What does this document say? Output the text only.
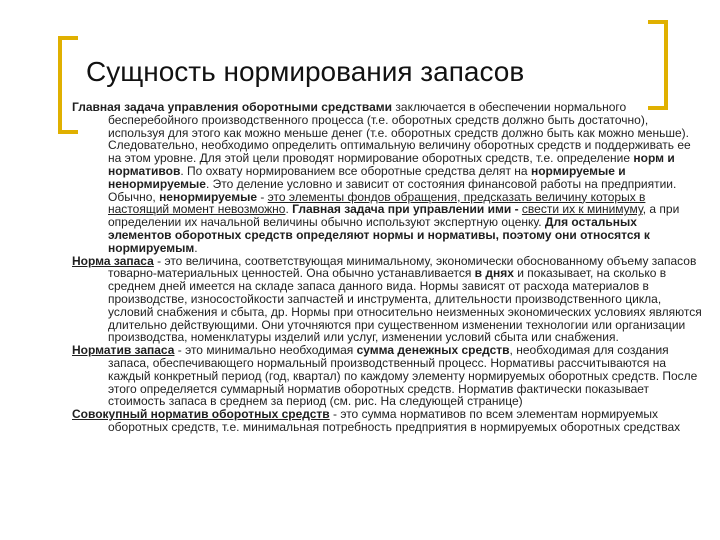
Сущность нормирования запасов

Главная задача управления оборотными средствами заключается в обеспечении нормального бесперебойного производственного процесса (т.е. оборотных средств должно быть достаточно), используя для этого как можно меньше денег (т.е. оборотных средств должно быть как можно меньше). Следовательно, необходимо определить оптимальную величину оборотных средств и поддерживать ее на этом уровне. Для этой цели проводят нормирование оборотных средств, т.е. определение норм и нормативов. По охвату нормированием все оборотные средства делят на нормируемые и ненормируемые. Это деление условно и зависит от состояния финансовой работы на предприятии. Обычно, ненормируемые - это элементы фондов обращения, предсказать величину которых в настоящий момент невозможно. Главная задача при управлении ими - свести их к минимуму, а при определении их начальной величины обычно используют экспертную оценку. Для остальных элементов оборотных средств определяют нормы и нормативы, поэтому они относятся к нормируемым.

Норма запаса - это величина, соответствующая минимальному, экономически обоснованному объему запасов товарно-материальных ценностей. Она обычно устанавливается в днях и показывает, на сколько в среднем дней имеется на складе запаса данного вида. Нормы зависят от расхода материалов в производстве, износостойкости запчастей и инструмента, длительности производственного цикла, условий снабжения и сбыта, др. Нормы при относительно неизменных экономических условиях являются длительно действующими. Они уточняются при существенном изменении технологии или организации производства, номенклатуры изделий или услуг, изменении условий сбыта или снабжения.

Норматив запаса - это минимально необходимая сумма денежных средств, необходимая для создания запаса, обеспечивающего нормальный производственный процесс. Нормативы рассчитываются на каждый конкретный период (год, квартал) по каждому элементу нормируемых оборотных средств. После этого определяется суммарный норматив оборотных средств. Норматив фактически показывает стоимость запаса в среднем за период (см. рис. На следующей странице)

Совокупный норматив оборотных средств - это сумма нормативов по всем элементам нормируемых оборотных средств, т.е. минимальная потребность предприятия в нормируемых оборотных средствах
